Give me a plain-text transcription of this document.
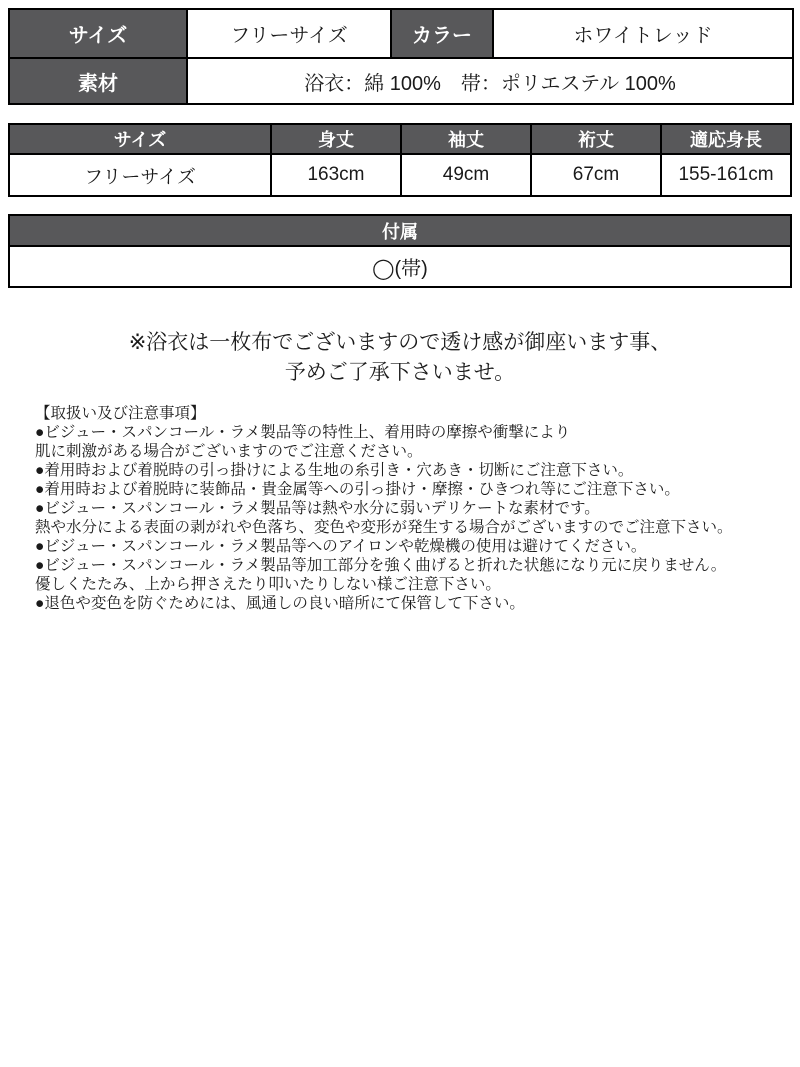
サイズ	フリーサイズ	カラー	ホワイトレッド
素材	浴衣：綿 100%　帯：ポリエステル 100%		
サイズ	身丈	袖丈	裄丈	適応身長
フリーサイズ	163cm	49cm	67cm	155-161cm
付属
◯(帯)
※浴衣は一枚布でございますので透け感が御座います事、
予めご了承下さいませ。
【取扱い及び注意事項】
●ビジュー・スパンコール・ラメ製品等の特性上、着用時の摩擦や衝撃により
肌に刺激がある場合がございますのでご注意ください。
●着用時および着脱時の引っ掛けによる生地の糸引き・穴あき・切断にご注意下さい。
●着用時および着脱時に装飾品・貴金属等への引っ掛け・摩擦・ひきつれ等にご注意下さい。
●ビジュー・スパンコール・ラメ製品等は熱や水分に弱いデリケートな素材です。
熱や水分による表面の剥がれや色落ち、変色や変形が発生する場合がございますのでご注意下さい。
●ビジュー・スパンコール・ラメ製品等へのアイロンや乾燥機の使用は避けてください。
●ビジュー・スパンコール・ラメ製品等加工部分を強く曲げると折れた状態になり元に戻りません。
優しくたたみ、上から押さえたり叩いたりしない様ご注意下さい。
●退色や変色を防ぐためには、風通しの良い暗所にて保管して下さい。
